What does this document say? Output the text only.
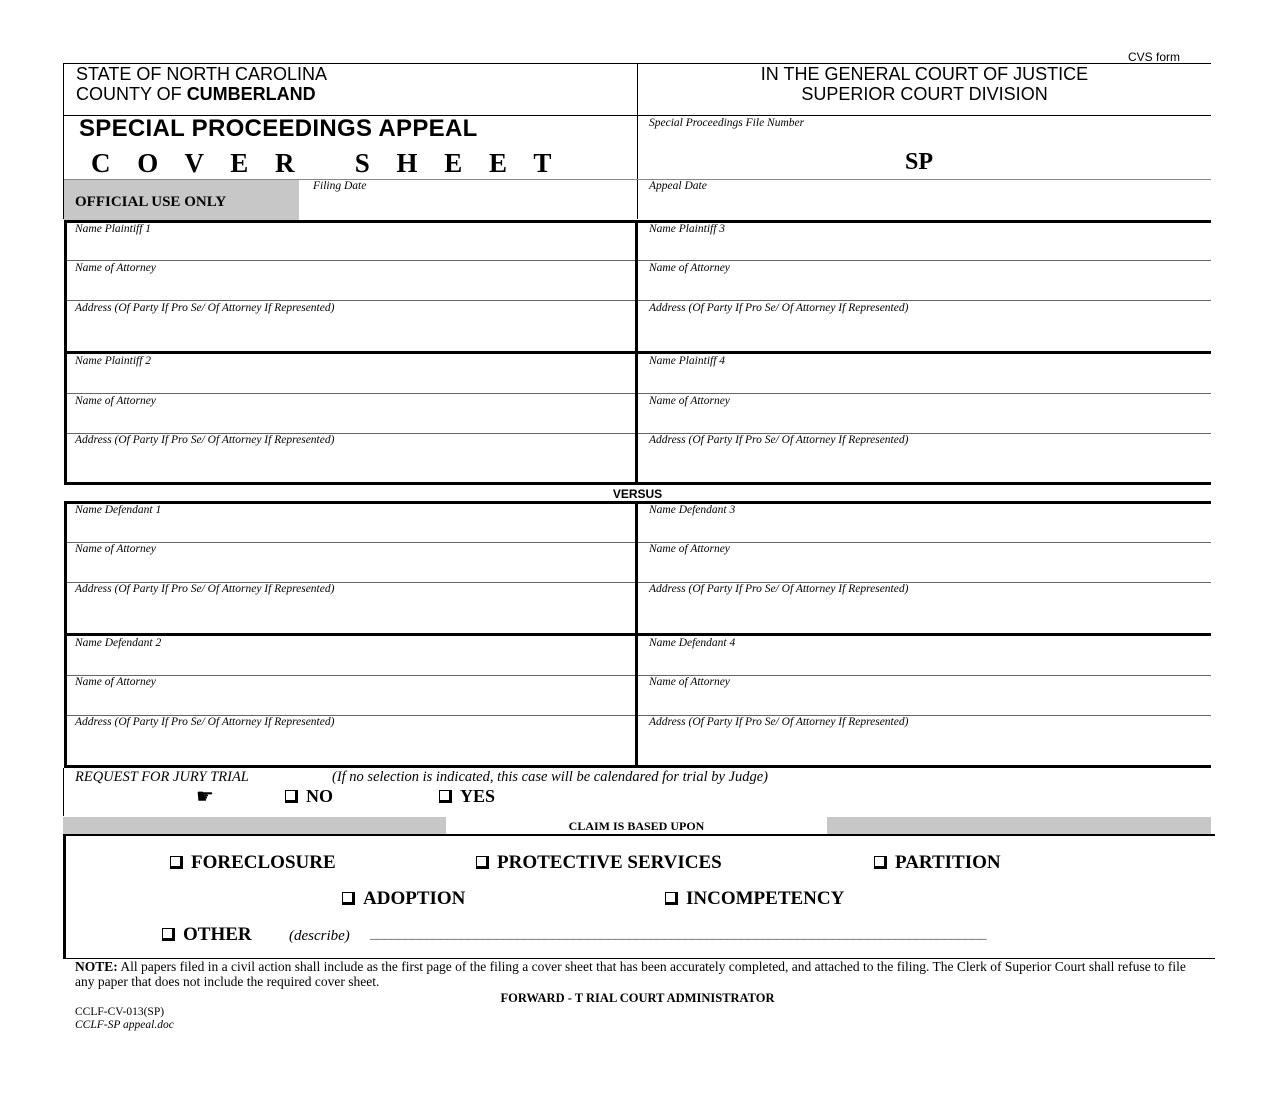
CVS form
STATE OF NORTH CAROLINA
COUNTY OF CUMBERLAND
IN THE GENERAL COURT OF JUSTICE
SUPERIOR COURT DIVISION
SPECIAL PROCEEDINGS APPEAL
C O V E R   S H E E T
Special Proceedings File Number
SP
OFFICIAL USE ONLY
Filing Date	Appeal Date
Name Plaintiff 1
Name of Attorney
Address (Of Party If Pro Se/ Of Attorney If Represented)
Name Plaintiff 3
Name of Attorney
Address (Of Party If Pro Se/ Of Attorney If Represented)
Name Plaintiff 2
Name of Attorney
Address (Of Party If Pro Se/ Of Attorney If Represented)
Name Plaintiff 4
Name of Attorney
Address (Of Party If Pro Se/ Of Attorney If Represented)
VERSUS
Name Defendant 1
Name of Attorney
Address (Of Party If Pro Se/ Of Attorney If Represented)
Name Defendant 3
Name of Attorney
Address (Of Party If Pro Se/ Of Attorney If Represented)
Name Defendant 2
Name of Attorney
Address (Of Party If Pro Se/ Of Attorney If Represented)
Name Defendant 4
Name of Attorney
Address (Of Party If Pro Se/ Of Attorney If Represented)
REQUEST FOR JURY TRIAL	(If no selection is indicated, this case will be calendared for trial by Judge)
☛	NO	YES
CLAIM IS BASED UPON
FORECLOSURE	PROTECTIVE SERVICES	PARTITION
ADOPTION	INCOMPETENCY
OTHER (describe) ________________________________________________________________________________________
NOTE: All papers filed in a civil action shall include as the first page of the filing a cover sheet that has been accurately completed, and attached to the filing. The Clerk of Superior Court shall refuse to file any paper that does not include the required cover sheet.
FORWARD - T RIAL COURT ADMINISTRATOR
CCLF-CV-013(SP)
CCLF-SP appeal.doc
